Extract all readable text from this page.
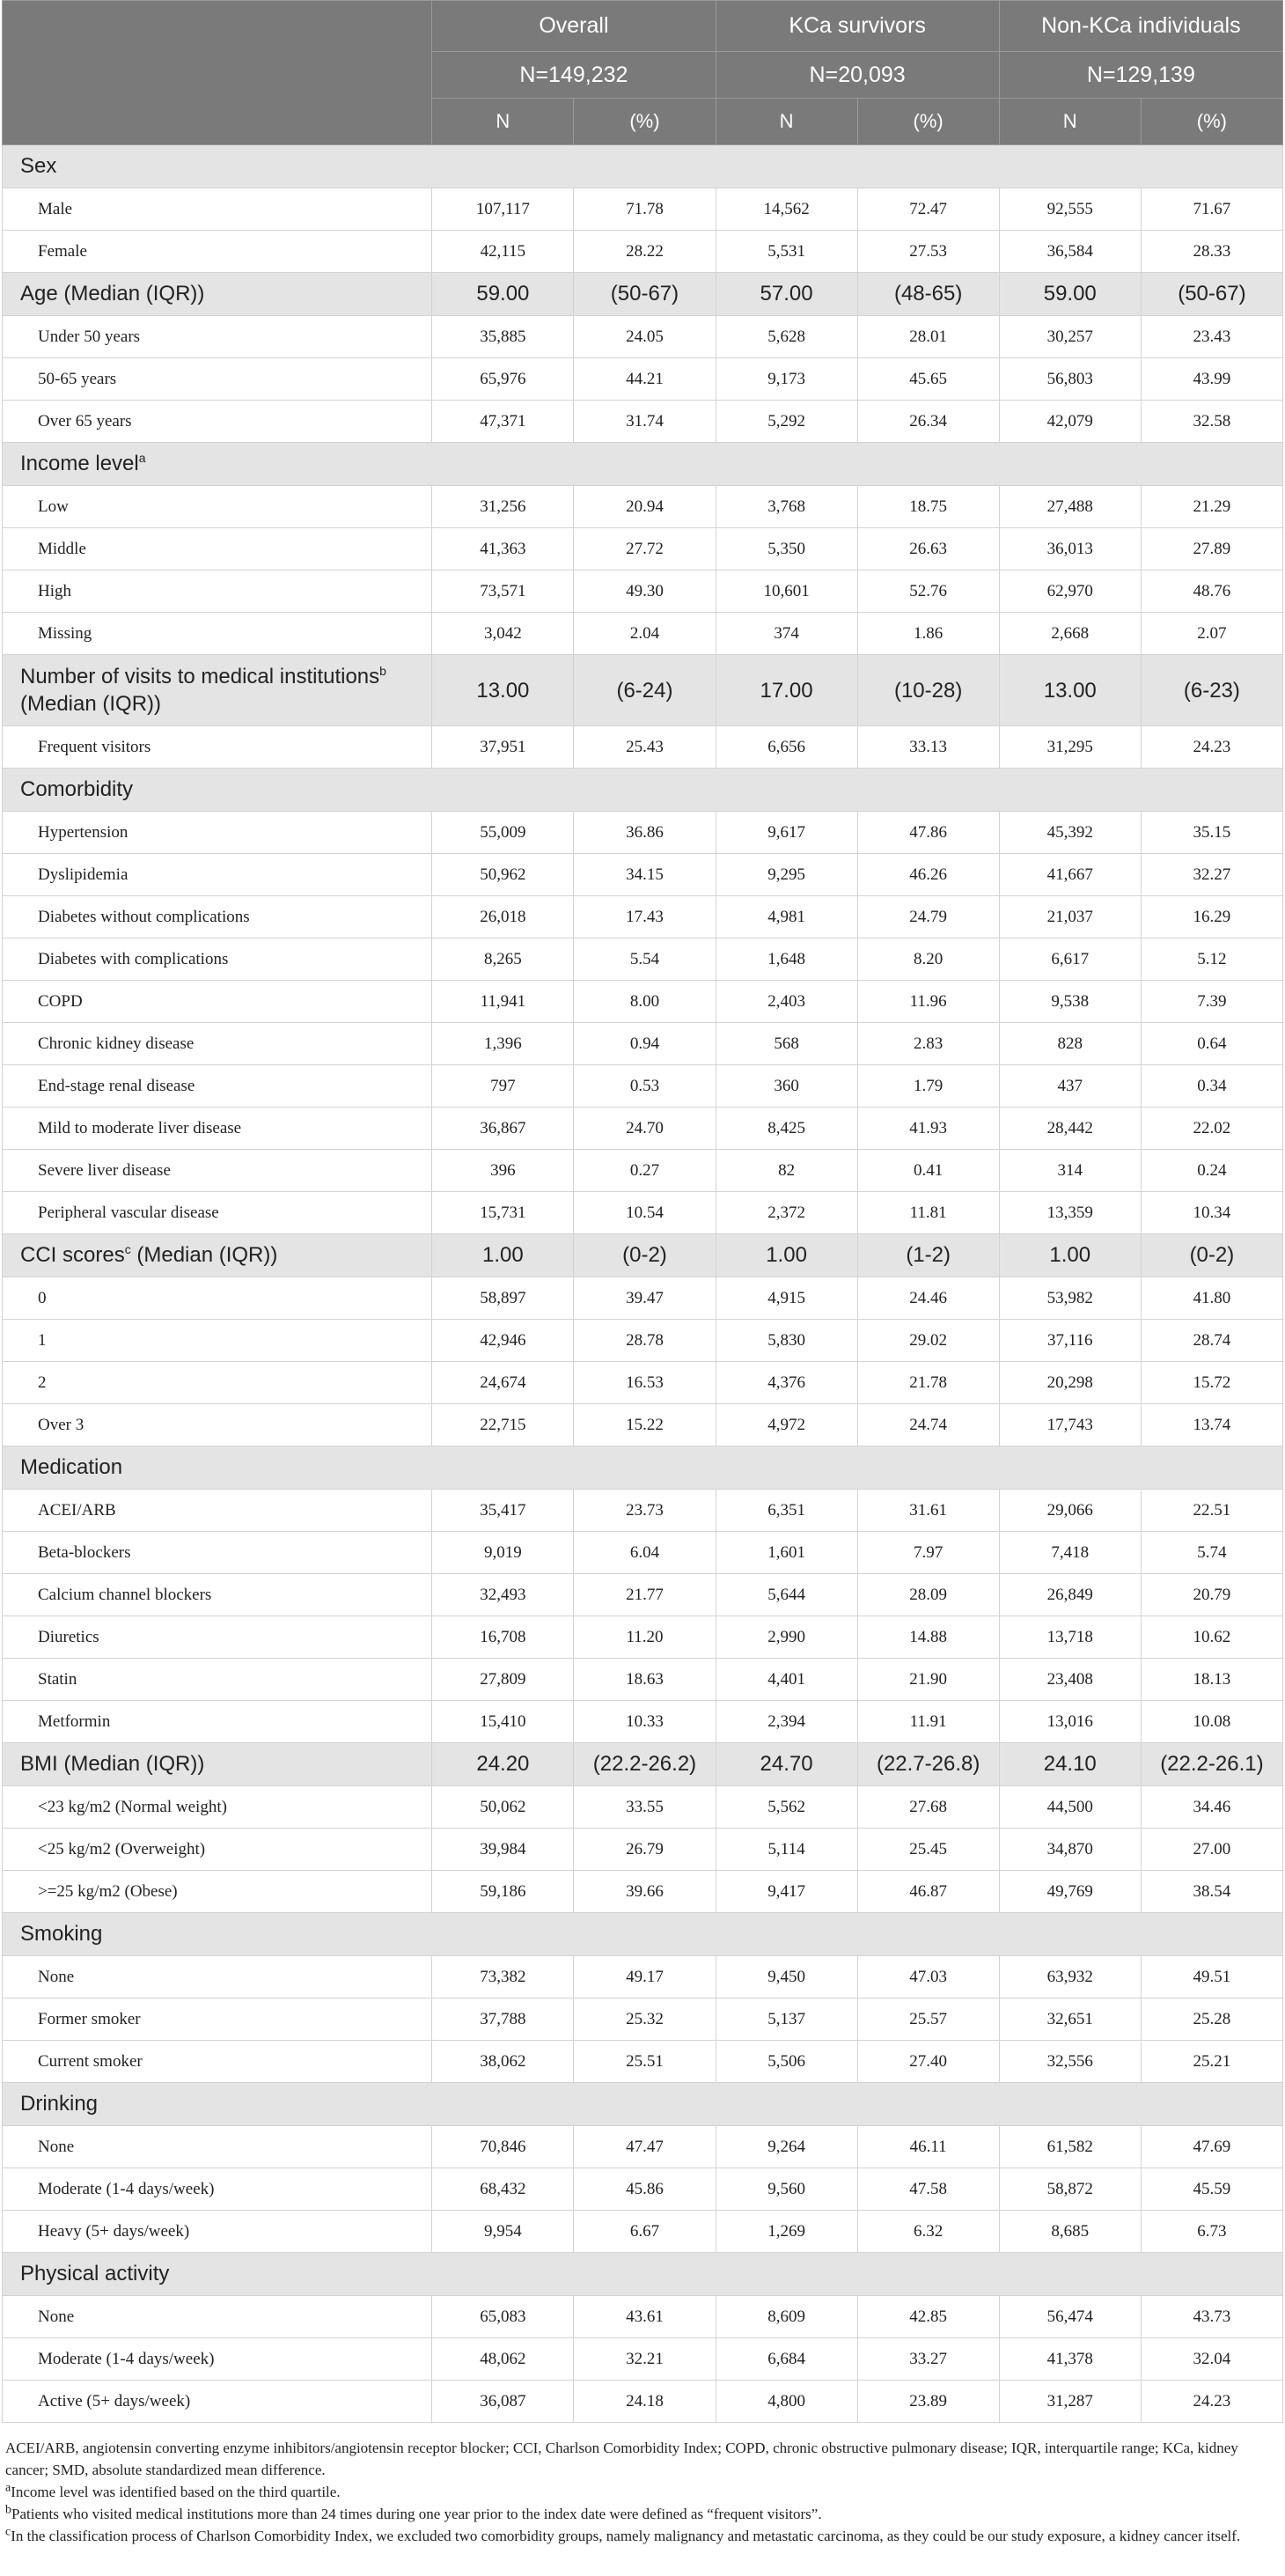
	Overall		KCa survivors		Non-KCa individuals	
	N=149,232		N=20,093		N=129,139	
	N	(%)	N	(%)	N	(%)
Sex						
Male	107,117	71.78	14,562	72.47	92,555	71.67
Female	42,115	28.22	5,531	27.53	36,584	28.33
Age (Median (IQR))	59.00	(50-67)	57.00	(48-65)	59.00	(50-67)
Under 50 years	35,885	24.05	5,628	28.01	30,257	23.43
50-65 years	65,976	44.21	9,173	45.65	56,803	43.99
Over 65 years	47,371	31.74	5,292	26.34	42,079	32.58
Income level$^a$
Low	31,256	20.94	3,768	18.75	27,488	21.29
Middle	41,363	27.72	5,350	26.63	36,013	27.89
High	73,571	49.30	10,601	52.76	62,970	48.76
Missing	3,042	2.04	374	1.86	2,668	2.07
Number of visits to medical institutions$^b$
(Median (IQR))	13.00	(6-24)	17.00	(10-28)	13.00	(6-23)
Frequent visitors	37,951	25.43	6,656	33.13	31,295	24.23
Comorbidity						
Hypertension	55,009	36.86	9,617	47.86	45,392	35.15
Dyslipidemia	50,962	34.15	9,295	46.26	41,667	32.27
Diabetes without complications	26,018	17.43	4,981	24.79	21,037	16.29
Diabetes with complications	8,265	5.54	1,648	8.20	6,617	5.12
COPD	11,941	8.00	2,403	11.96	9,538	7.39
Chronic kidney disease	1,396	0.94	568	2.83	828	0.64
End-stage renal disease	797	0.53	360	1.79	437	0.34
Mild to moderate liver disease	36,867	24.70	8,425	41.93	28,442	22.02
Severe liver disease	396	0.27	82	0.41	314	0.24
Peripheral vascular disease	15,731	10.54	2,372	11.81	13,359	10.34
CCI scores$^c$ (Median (IQR))	1.00	(0-2)	1.00	(1-2)	1.00	(0-2)
0	58,897	39.47	4,915	24.46	53,982	41.80
1	42,946	28.78	5,830	29.02	37,116	28.74
2	24,674	16.53	4,376	21.78	20,298	15.72
Over 3	22,715	15.22	4,972	24.74	17,743	13.74
Medication						
ACEI/ARB	35,417	23.73	6,351	31.61	29,066	22.51
Beta-blockers	9,019	6.04	1,601	7.97	7,418	5.74
Calcium channel blockers	32,493	21.77	5,644	28.09	26,849	20.79
Diuretics	16,708	11.20	2,990	14.88	13,718	10.62
Statin	27,809	18.63	4,401	21.90	23,408	18.13
Metformin	15,410	10.33	2,394	11.91	13,016	10.08
BMI (Median (IQR))	24.20	(22.2-26.2)	24.70	(22.7-26.8)	24.10	(22.2-26.1)
<23 kg/m2 (Normal weight)	50,062	33.55	5,562	27.68	44,500	34.46
<25 kg/m2 (Overweight)	39,984	26.79	5,114	25.45	34,870	27.00
>=25 kg/m2 (Obese)	59,186	39.66	9,417	46.87	49,769	38.54
Smoking						
None	73,382	49.17	9,450	47.03	63,932	49.51
Former smoker	37,788	25.32	5,137	25.57	32,651	25.28
Current smoker	38,062	25.51	5,506	27.40	32,556	25.21
Drinking						
None	70,846	47.47	9,264	46.11	61,582	47.69
Moderate (1-4 days/week)	68,432	45.86	9,560	47.58	58,872	45.59
Heavy (5+ days/week)	9,954	6.67	1,269	6.32	8,685	6.73
Physical activity						
None	65,083	43.61	8,609	42.85	56,474	43.73
Moderate (1-4 days/week)	48,062	32.21	6,684	33.27	41,378	32.04
Active (5+ days/week)	36,087	24.18	4,800	23.89	31,287	24.23

ACEI/ARB, angiotensin converting enzyme inhibitors/angiotensin receptor blocker; CCI, Charlson Comorbidity Index; COPD, chronic obstructive pulmonary disease; IQR, interquartile range; KCa, kidney cancer; SMD, absolute standardized mean difference.

$^a$Income level was identified based on the third quartile.

$^b$Patients who visited medical institutions more than 24 times during one year prior to the index date were defined as “frequent visitors”.

$^c$In the classification process of Charlson Comorbidity Index, we excluded two comorbidity groups, namely malignancy and metastatic carcinoma, as they could be our study exposure, a kidney cancer itself.
